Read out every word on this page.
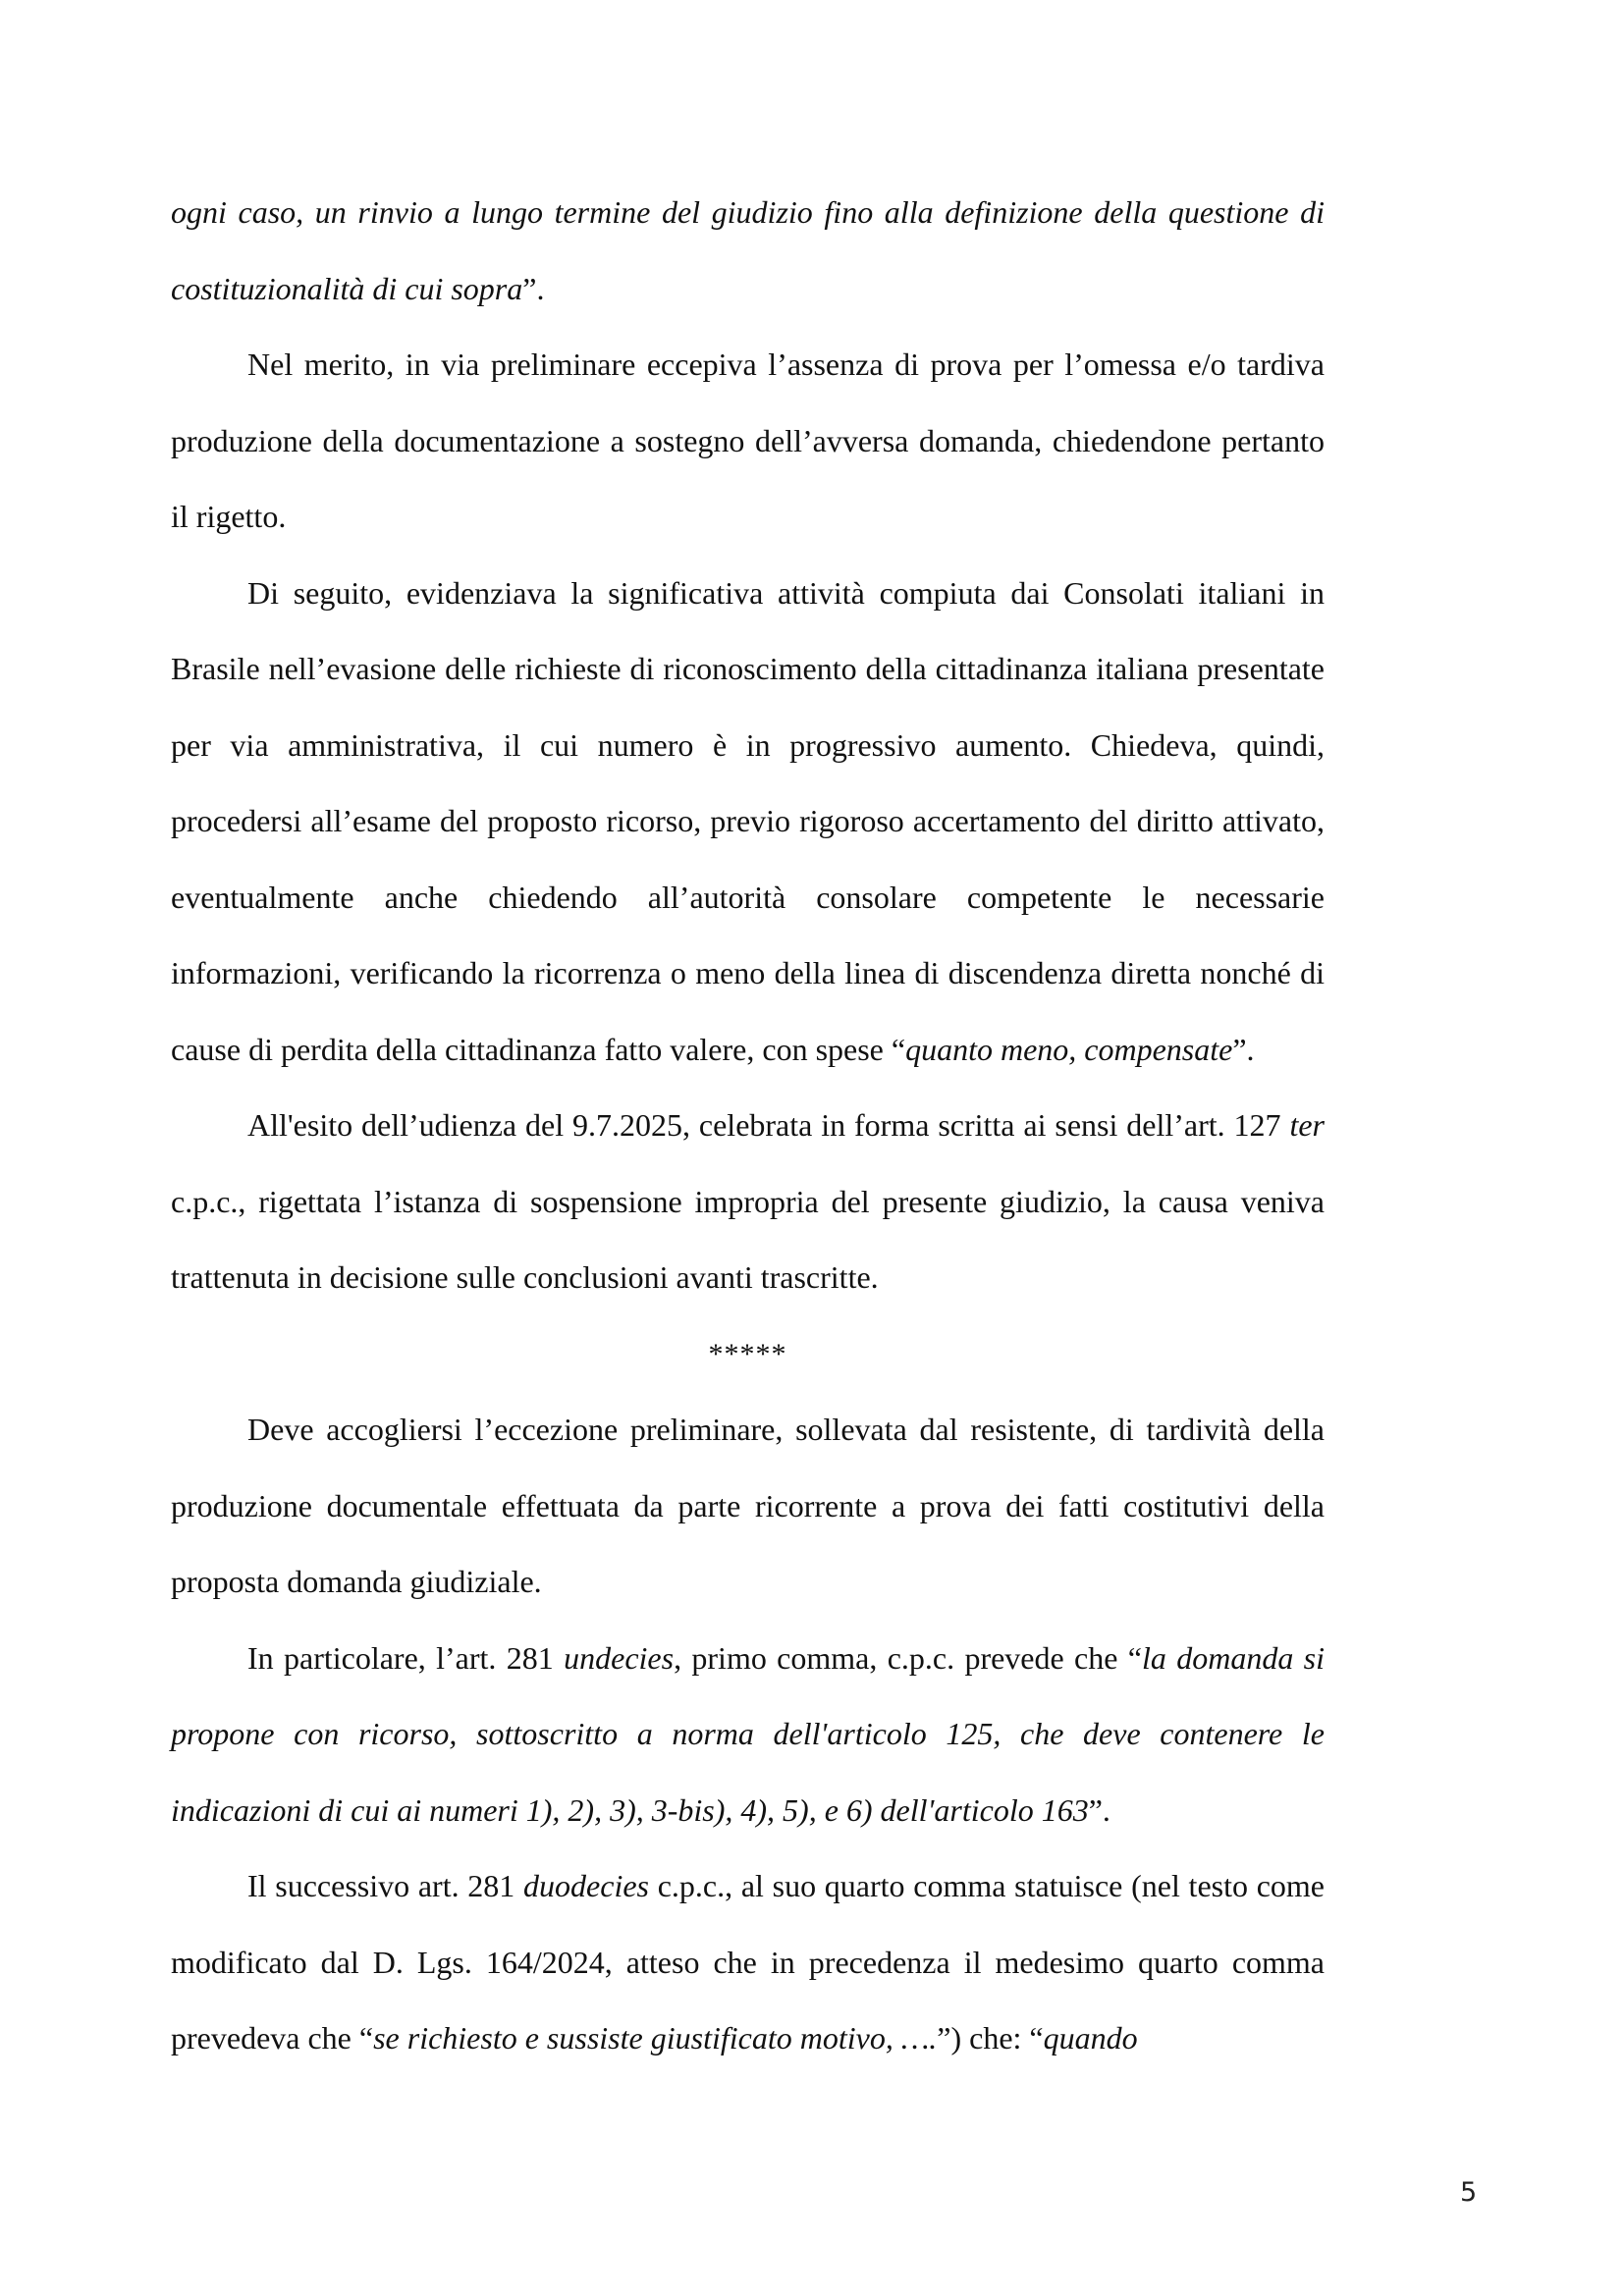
ogni caso, un rinvio a lungo termine del giudizio fino alla definizione della questione di costituzionalità di cui sopra”.

Nel merito, in via preliminare eccepiva l’assenza di prova per l’omessa e/o tardiva produzione della documentazione a sostegno dell’avversa domanda, chiedendone pertanto il rigetto.

Di seguito, evidenziava la significativa attività compiuta dai Consolati italiani in Brasile nell’evasione delle richieste di riconoscimento della cittadinanza italiana presentate per via amministrativa, il cui numero è in progressivo aumento. Chiedeva, quindi, procedersi all’esame del proposto ricorso, previo rigoroso accertamento del diritto attivato, eventualmente anche chiedendo all’autorità consolare competente le necessarie informazioni, verificando la ricorrenza o meno della linea di discendenza diretta nonché di cause di perdita della cittadinanza fatto valere, con spese “quanto meno, compensate”.

All'esito dell’udienza del 9.7.2025, celebrata in forma scritta ai sensi dell’art. 127 ter c.p.c., rigettata l’istanza di sospensione impropria del presente giudizio, la causa veniva trattenuta in decisione sulle conclusioni avanti trascritte.

*****

Deve accogliersi l’eccezione preliminare, sollevata dal resistente, di tardività della produzione documentale effettuata da parte ricorrente a prova dei fatti costitutivi della proposta domanda giudiziale.

In particolare, l’art. 281 undecies, primo comma, c.p.c. prevede che “la domanda si propone con ricorso, sottoscritto a norma dell'articolo 125, che deve contenere le indicazioni di cui ai numeri 1), 2), 3), 3-bis), 4), 5), e 6) dell'articolo 163”.

Il successivo art. 281 duodecies c.p.c., al suo quarto comma statuisce (nel testo come modificato dal D. Lgs. 164/2024, atteso che in precedenza il medesimo quarto comma prevedeva che “se richiesto e sussiste giustificato motivo, ….”) che: “quando

5
